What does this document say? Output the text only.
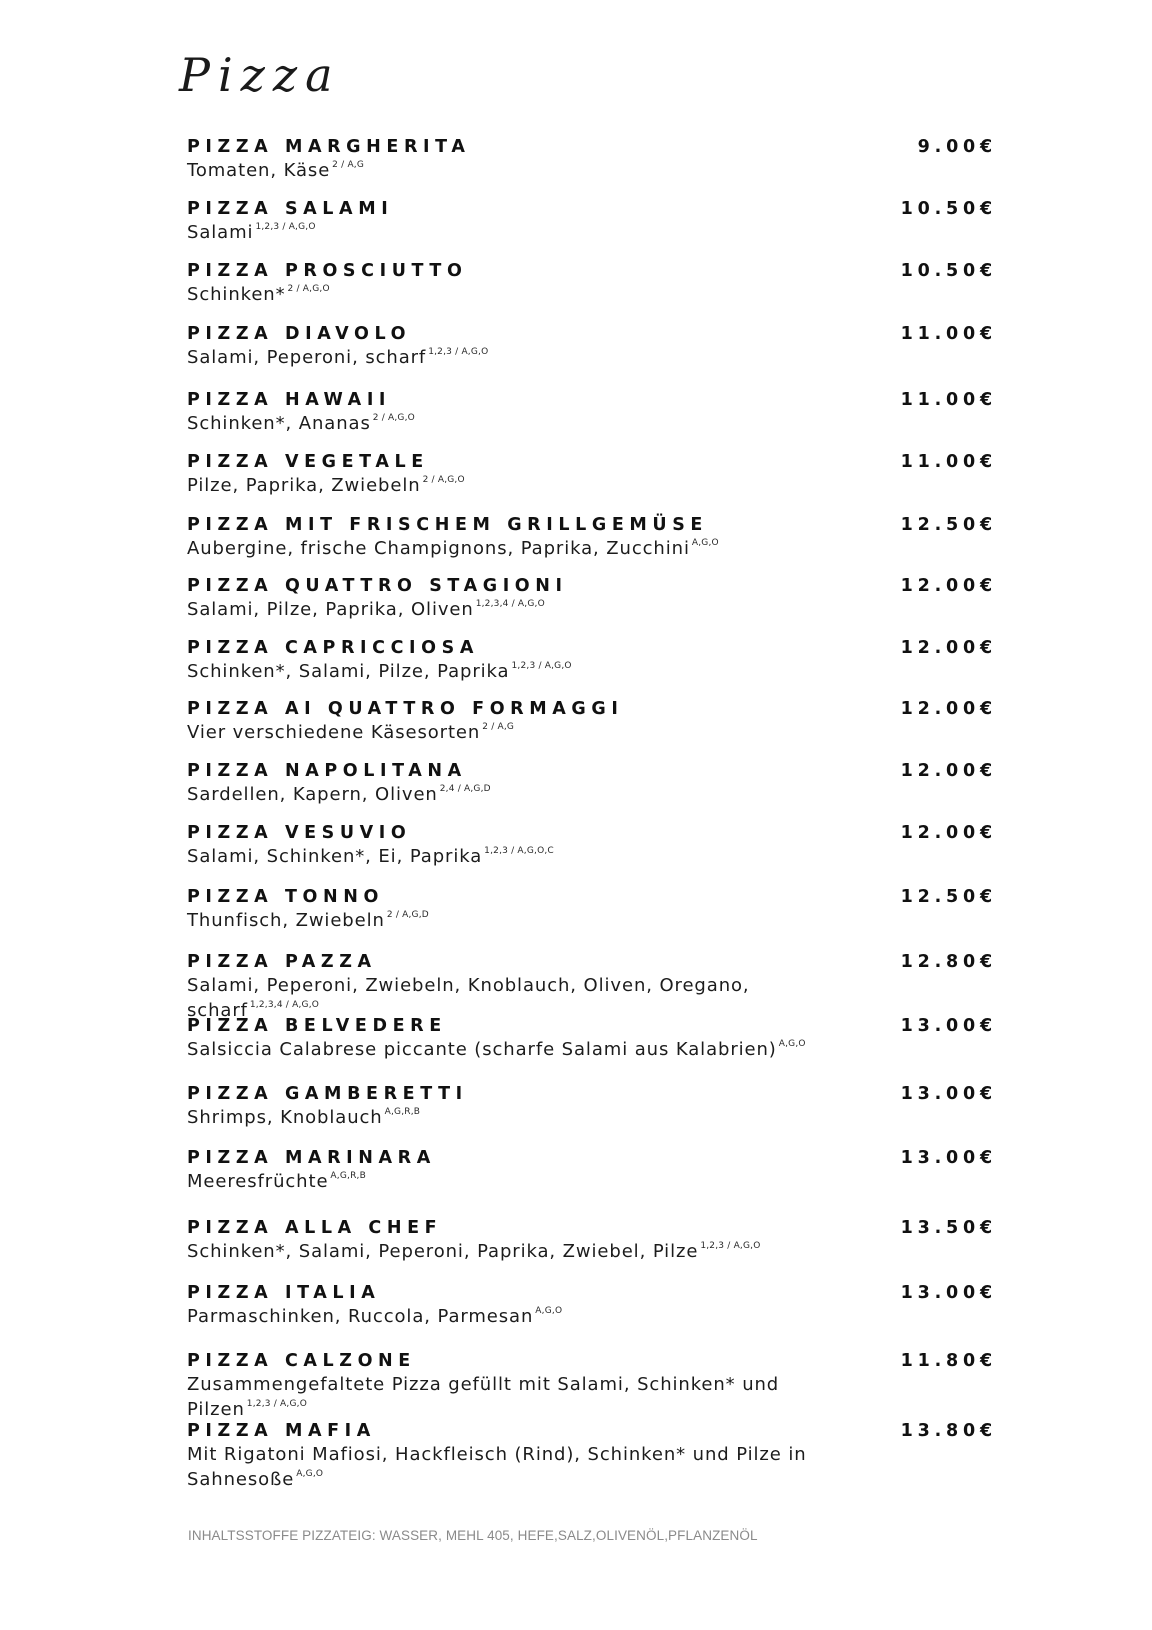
Pizza
PIZZA MARGHERITA	9.00€
Tomaten, Käse $^{2 / A,G}$
PIZZA SALAMI	10.50€
Salami $^{1,2,3 / A,G,O}$
PIZZA PROSCIUTTO	10.50€
Schinken* $^{2 / A,G,O}$
PIZZA DIAVOLO	11.00€
Salami, Peperoni, scharf $^{1,2,3 / A,G,O}$
PIZZA HAWAII	11.00€
Schinken*, Ananas $^{2 / A,G,O}$
PIZZA VEGETALE	11.00€
Pilze, Paprika, Zwiebeln $^{2 / A,G,O}$
PIZZA MIT FRISCHEM GRILLGEMÜSE	12.50€
Aubergine, frische Champignons, Paprika, Zucchini $^{A,G,O}$
PIZZA QUATTRO STAGIONI	12.00€
Salami, Pilze, Paprika, Oliven $^{1,2,3,4 / A,G,O}$
PIZZA CAPRICCIOSA	12.00€
Schinken*, Salami, Pilze, Paprika $^{1,2,3 / A,G,O}$
PIZZA AI QUATTRO FORMAGGI	12.00€
Vier verschiedene Käsesorten $^{2 / A,G}$
PIZZA NAPOLITANA	12.00€
Sardellen, Kapern, Oliven $^{2,4 / A,G,D}$
PIZZA VESUVIO	12.00€
Salami, Schinken*, Ei, Paprika $^{1,2,3 / A,G,O,C}$
PIZZA TONNO	12.50€
Thunfisch, Zwiebeln $^{2 / A,G,D}$
PIZZA PAZZA	12.80€
Salami, Peperoni, Zwiebeln, Knoblauch, Oliven, Oregano, scharf $^{1,2,3,4 / A,G,O}$
PIZZA BELVEDERE	13.00€
Salsiccia Calabrese piccante (scharfe Salami aus Kalabrien) $^{A,G,O}$
PIZZA GAMBERETTI	13.00€
Shrimps, Knoblauch $^{A,G,R,B}$
PIZZA MARINARA	13.00€
Meeresfrüchte $^{A,G,R,B}$
PIZZA ALLA CHEF	13.50€
Schinken*, Salami, Peperoni, Paprika, Zwiebel, Pilze $^{1,2,3 / A,G,O}$
PIZZA ITALIA	13.00€
Parmaschinken, Ruccola, Parmesan $^{A,G,O}$
PIZZA CALZONE	11.80€
Zusammengefaltete Pizza gefüllt mit Salami, Schinken* und Pilzen $^{1,2,3 / A,G,O}$
PIZZA MAFIA	13.80€
Mit Rigatoni Mafiosi, Hackfleisch (Rind), Schinken* und Pilze in Sahnesoße $^{A,G,O}$
INHALTSSTOFFE PIZZATEIG: WASSER, MEHL 405, HEFE,SALZ,OLIVENÖL,PFLANZENÖL
